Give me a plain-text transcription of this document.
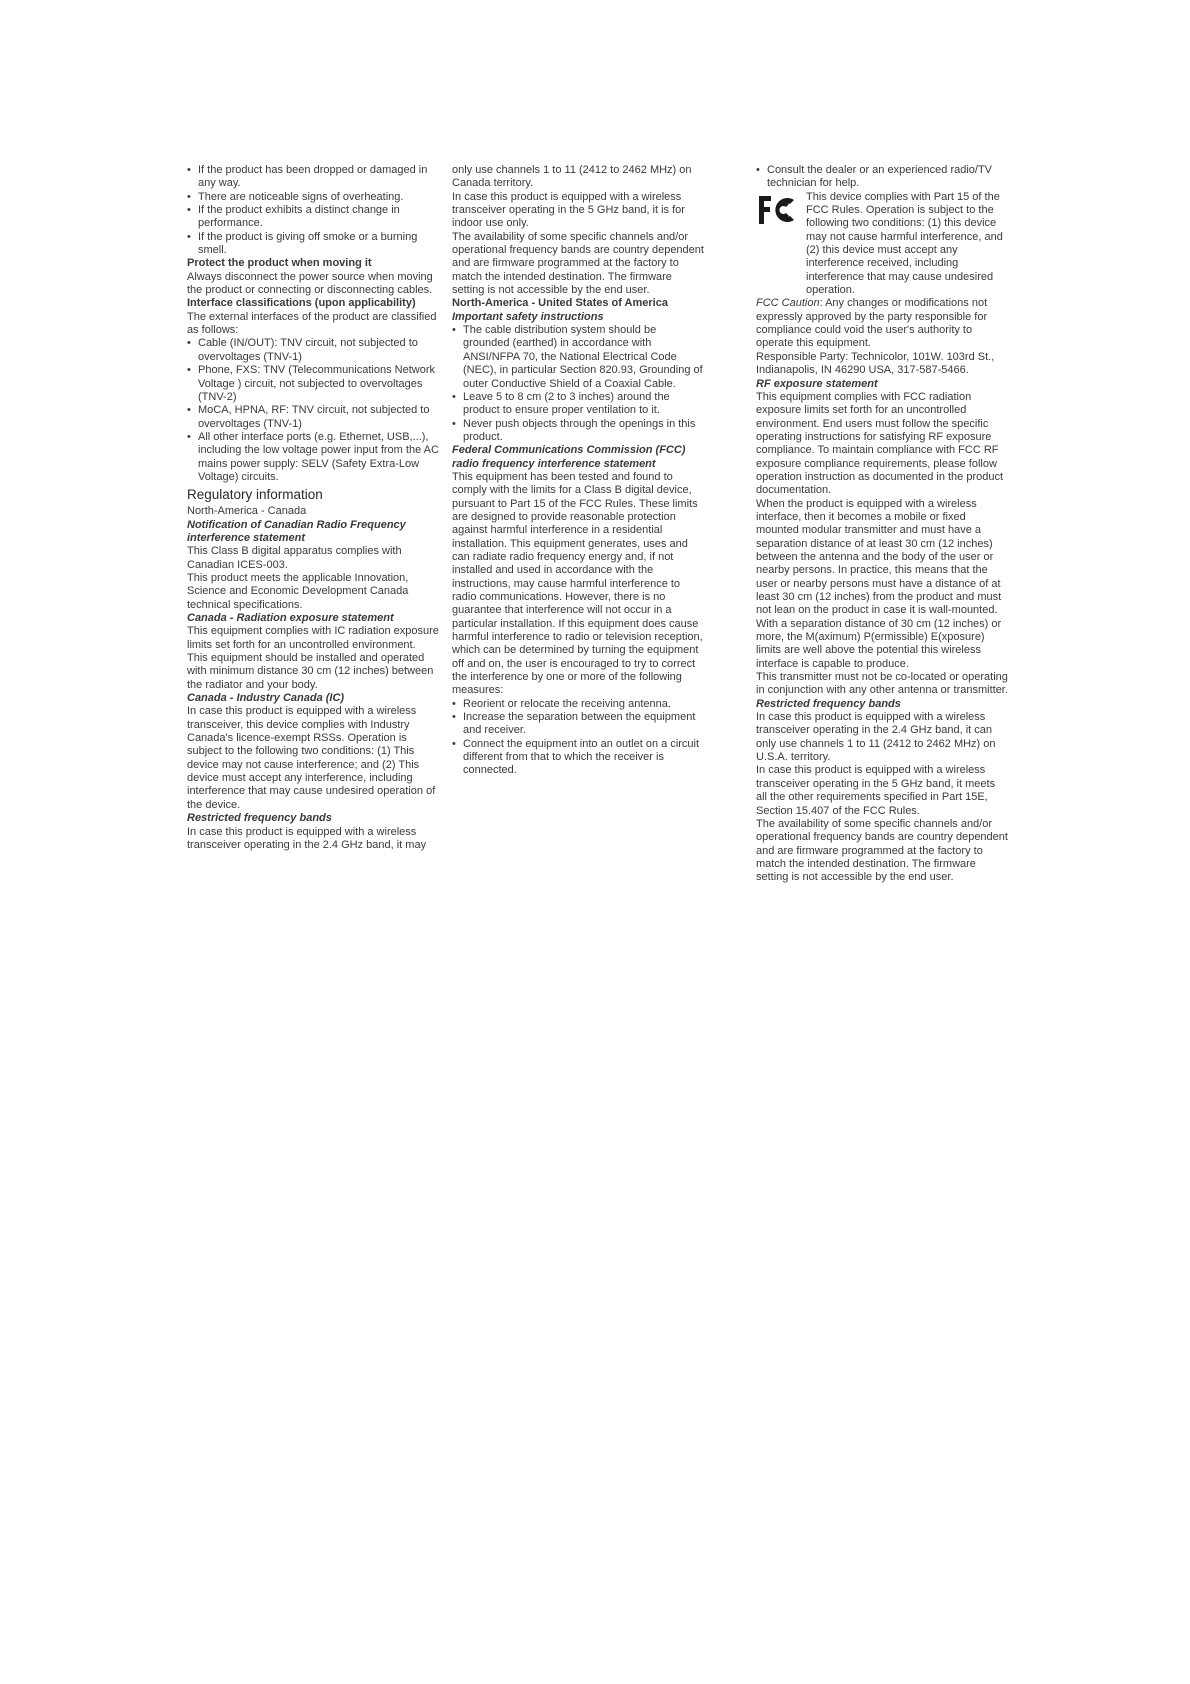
• If the product has been dropped or damaged in any way.
• There are noticeable signs of overheating.
• If the product exhibits a distinct change in performance.
• If the product is giving off smoke or a burning smell.

Protect the product when moving it

Always disconnect the power source when moving the product or connecting or disconnecting cables.

Interface classifications (upon applicability)

The external interfaces of the product are classified as follows:

• Cable (IN/OUT): TNV circuit, not subjected to overvoltages (TNV-1)
• Phone, FXS: TNV (Telecommunications Network Voltage ) circuit, not subjected to overvoltages (TNV-2)
• MoCA, HPNA, RF: TNV circuit, not subjected to overvoltages (TNV-1)
• All other interface ports (e.g. Ethernet, USB,...), including the low voltage power input from the AC mains power supply: SELV (Safety Extra-Low Voltage) circuits.

Regulatory information

North-America - Canada

Notification of Canadian Radio Frequency interference statement

This Class B digital apparatus complies with Canadian ICES-003.

This product meets the applicable Innovation, Science and Economic Development Canada technical specifications.

Canada - Radiation exposure statement

This equipment complies with IC radiation exposure limits set forth for an uncontrolled environment. This equipment should be installed and operated with minimum distance 30 cm (12 inches) between the radiator and your body.

Canada - Industry Canada (IC)

In case this product is equipped with a wireless transceiver, this device complies with Industry Canada's licence-exempt RSSs. Operation is subject to the following two conditions: (1) This device may not cause interference; and (2) This device must accept any interference, including interference that may cause undesired operation of the device.

Restricted frequency bands

In case this product is equipped with a wireless transceiver operating in the 2.4 GHz band, it may

only use channels 1 to 11 (2412 to 2462 MHz) on Canada territory.

In case this product is equipped with a wireless transceiver operating in the 5 GHz band, it is for indoor use only.

The availability of some specific channels and/or operational frequency bands are country dependent and are firmware programmed at the factory to match the intended destination. The firmware setting is not accessible by the end user.

North-America - United States of America

Important safety instructions

• The cable distribution system should be grounded (earthed) in accordance with ANSI/NFPA 70, the National Electrical Code (NEC), in particular Section 820.93, Grounding of outer Conductive Shield of a Coaxial Cable.
• Leave 5 to 8 cm (2 to 3 inches) around the product to ensure proper ventilation to it.
• Never push objects through the openings in this product.

Federal Communications Commission (FCC) radio frequency interference statement

This equipment has been tested and found to comply with the limits for a Class B digital device, pursuant to Part 15 of the FCC Rules. These limits are designed to provide reasonable protection against harmful interference in a residential installation. This equipment generates, uses and can radiate radio frequency energy and, if not installed and used in accordance with the instructions, may cause harmful interference to radio communications. However, there is no guarantee that interference will not occur in a particular installation. If this equipment does cause harmful interference to radio or television reception, which can be determined by turning the equipment off and on, the user is encouraged to try to correct the interference by one or more of the following measures:

• Reorient or relocate the receiving antenna.
• Increase the separation between the equipment and receiver.
• Connect the equipment into an outlet on a circuit different from that to which the receiver is connected.
• Consult the dealer or an experienced radio/TV technician for help.

This device complies with Part 15 of the FCC Rules. Operation is subject to the following two conditions: (1) this device may not cause harmful interference, and (2) this device must accept any interference received, including interference that may cause undesired operation.

FCC Caution: Any changes or modifications not expressly approved by the party responsible for compliance could void the user's authority to operate this equipment.

Responsible Party: Technicolor, 101W. 103rd St., Indianapolis, IN 46290 USA, 317-587-5466.

RF exposure statement

This equipment complies with FCC radiation exposure limits set forth for an uncontrolled environment. End users must follow the specific operating instructions for satisfying RF exposure compliance. To maintain compliance with FCC RF exposure compliance requirements, please follow operation instruction as documented in the product documentation.

When the product is equipped with a wireless interface, then it becomes a mobile or fixed mounted modular transmitter and must have a separation distance of at least 30 cm (12 inches) between the antenna and the body of the user or nearby persons. In practice, this means that the user or nearby persons must have a distance of at least 30 cm (12 inches) from the product and must not lean on the product in case it is wall-mounted.

With a separation distance of 30 cm (12 inches) or more, the M(aximum) P(ermissible) E(xposure) limits are well above the potential this wireless interface is capable to produce.

This transmitter must not be co-located or operating in conjunction with any other antenna or transmitter.

Restricted frequency bands

In case this product is equipped with a wireless transceiver operating in the 2.4 GHz band, it can only use channels 1 to 11 (2412 to 2462 MHz) on U.S.A. territory.

In case this product is equipped with a wireless transceiver operating in the 5 GHz band, it meets all the other requirements specified in Part 15E, Section 15.407 of the FCC Rules.

The availability of some specific channels and/or operational frequency bands are country dependent and are firmware programmed at the factory to match the intended destination. The firmware setting is not accessible by the end user.
